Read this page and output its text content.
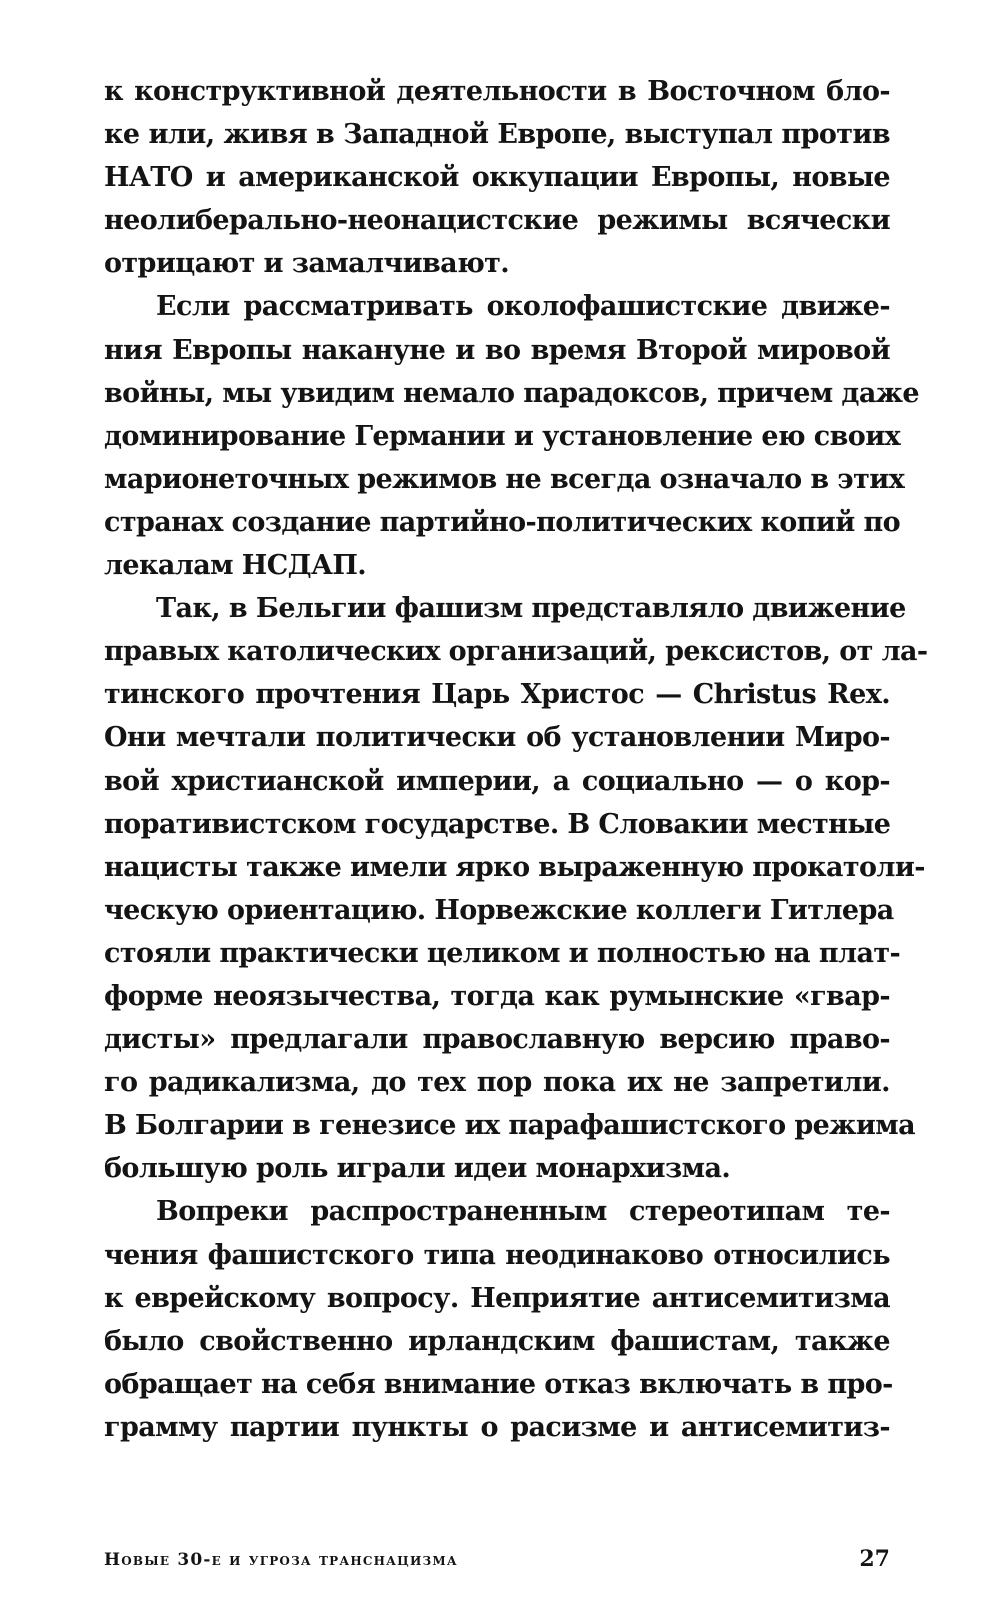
к конструктивной деятельности в Восточном бло-
ке или, живя в Западной Европе, выступал против
НАТО и американской оккупации Европы, новые
неолиберально-неонацистские режимы всячески
отрицают и замалчивают.
Если рассматривать околофашистские движе-
ния Европы накануне и во время Второй мировой
войны, мы увидим немало парадоксов, причем даже
доминирование Германии и установление ею своих
марионеточных режимов не всегда означало в этих
странах создание партийно-политических копий по
лекалам НСДАП.
Так, в Бельгии фашизм представляло движение
правых католических организаций, рексистов, от ла-
тинского прочтения Царь Христос — Christus Rex.
Они мечтали политически об установлении Миро-
вой христианской империи, а социально — о кор-
поративистском государстве. В Словакии местные
нацисты также имели ярко выраженную прокатоли-
ческую ориентацию. Норвежские коллеги Гитлера
стояли практически целиком и полностью на плат-
форме неоязычества, тогда как румынские «гвар-
дисты» предлагали православную версию право-
го радикализма, до тех пор пока их не запретили.
В Болгарии в генезисе их парафашистского режима
большую роль играли идеи монархизма.
Вопреки распространенным стереотипам те-
чения фашистского типа неодинаково относились
к еврейскому вопросу. Неприятие антисемитизма
было свойственно ирландским фашистам, также
обращает на себя внимание отказ включать в про-
грамму партии пункты о расизме и антисемитиз-
Новые 30-е и угроза транснацизма	27
